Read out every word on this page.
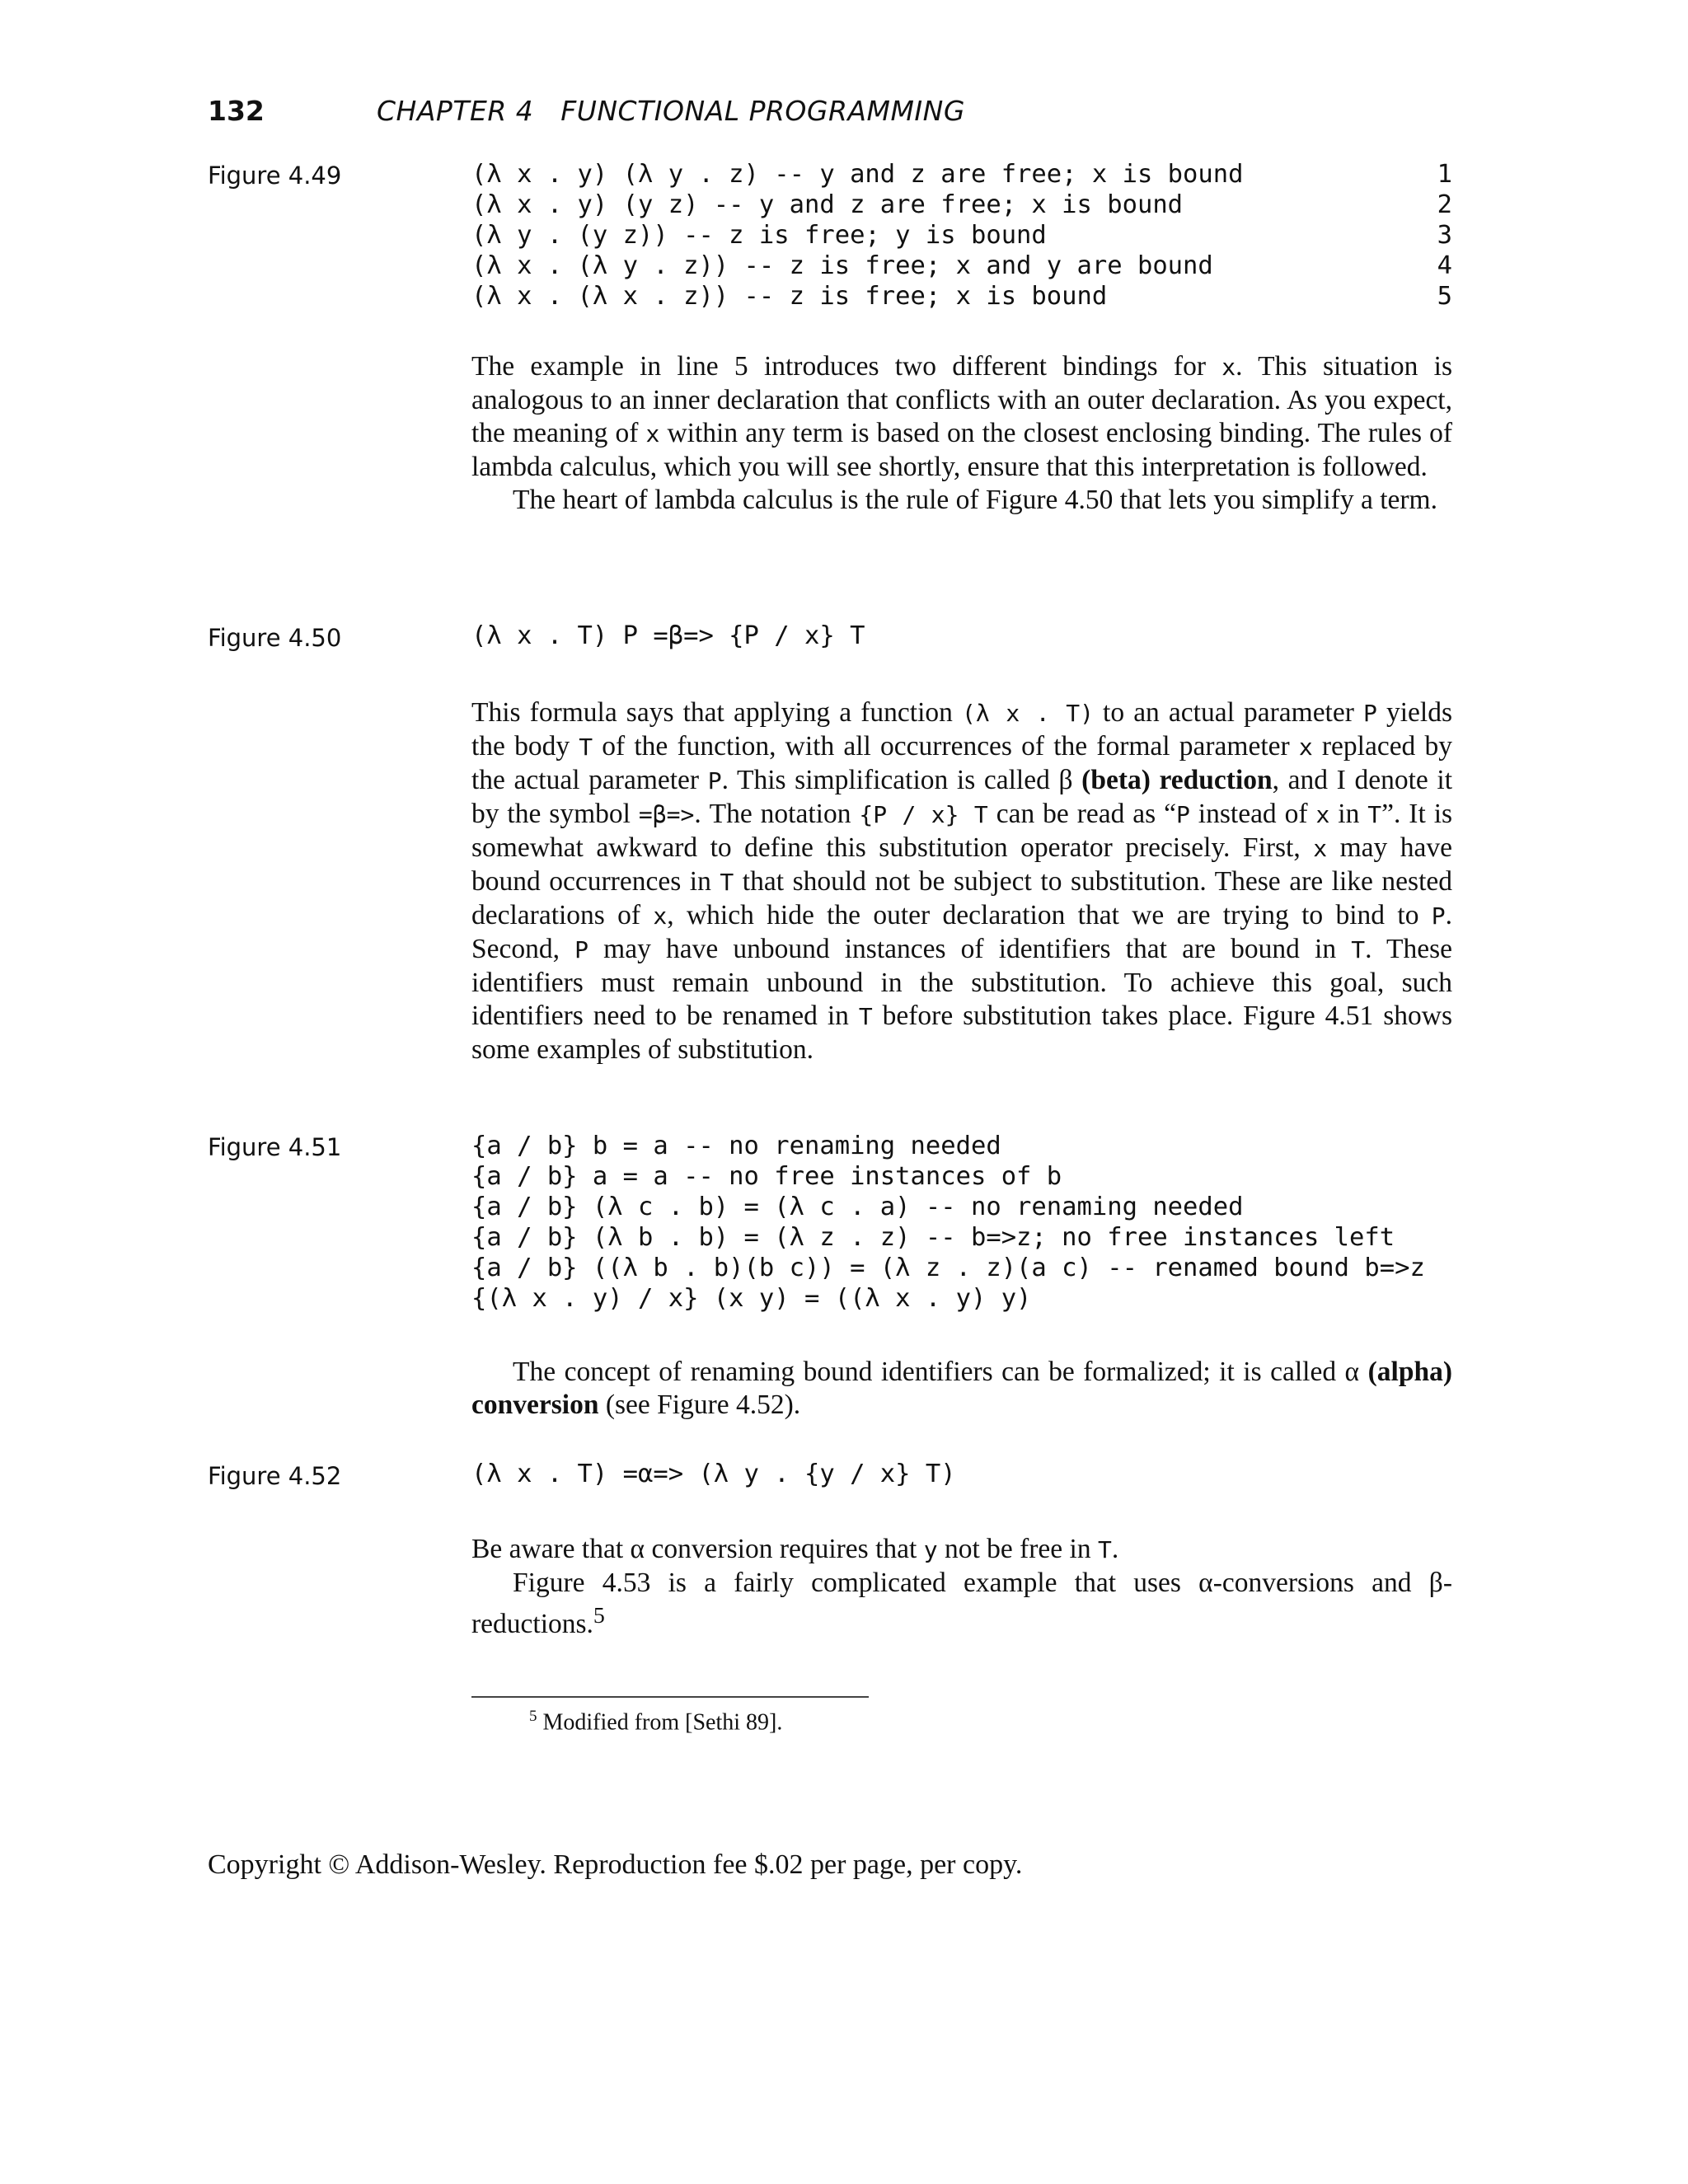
132	CHAPTER 4   FUNCTIONAL PROGRAMMING
Figure 4.49	(λ x . y) (λ y . z) -- y and z are free; x is bound	1
(λ x . y) (y z) -- y and z are free; x is bound	2
(λ y . (y z)) -- z is free; y is bound	3
(λ x . (λ y . z)) -- z is free; x and y are bound	4
(λ x . (λ x . z)) -- z is free; x is bound	5

The example in line 5 introduces two different bindings for x. This situation is analogous to an inner declaration that conflicts with an outer declaration. As you expect, the meaning of x within any term is based on the closest enclosing binding. The rules of lambda calculus, which you will see shortly, ensure that this interpretation is followed.

The heart of lambda calculus is the rule of Figure 4.50 that lets you simplify a term.

Figure 4.50	(λ x . T) P =β=> {P / x} T

This formula says that applying a function (λ x . T) to an actual parameter P yields the body T of the function, with all occurrences of the formal parameter x replaced by the actual parameter P. This simplification is called β (beta) reduction, and I denote it by the symbol =β=>. The notation {P / x} T can be read as “P instead of x in T”. It is somewhat awkward to define this substitution operator precisely. First, x may have bound occurrences in T that should not be subject to substitution. These are like nested declarations of x, which hide the outer declaration that we are trying to bind to P. Second, P may have unbound instances of identifiers that are bound in T. These identifiers must remain unbound in the substitution. To achieve this goal, such identifiers need to be renamed in T before substitution takes place. Figure 4.51 shows some examples of substitution.

Figure 4.51	{a / b} b = a -- no renaming needed
{a / b} a = a -- no free instances of b
{a / b} (λ c . b) = (λ c . a) -- no renaming needed
{a / b} (λ b . b) = (λ z . z) -- b=>z; no free instances left
{a / b} ((λ b . b)(b c)) = (λ z . z)(a c) -- renamed bound b=>z
{(λ x . y) / x} (x y) = ((λ x . y) y)

The concept of renaming bound identifiers can be formalized; it is called α (alpha) conversion (see Figure 4.52).

Figure 4.52	(λ x . T) =α=> (λ y . {y / x} T)

Be aware that α conversion requires that y not be free in T.

Figure 4.53 is a fairly complicated example that uses α-conversions and β-reductions.$^5$

$^5$ Modified from [Sethi 89].
Copyright © Addison-Wesley. Reproduction fee $.02 per page, per copy.
